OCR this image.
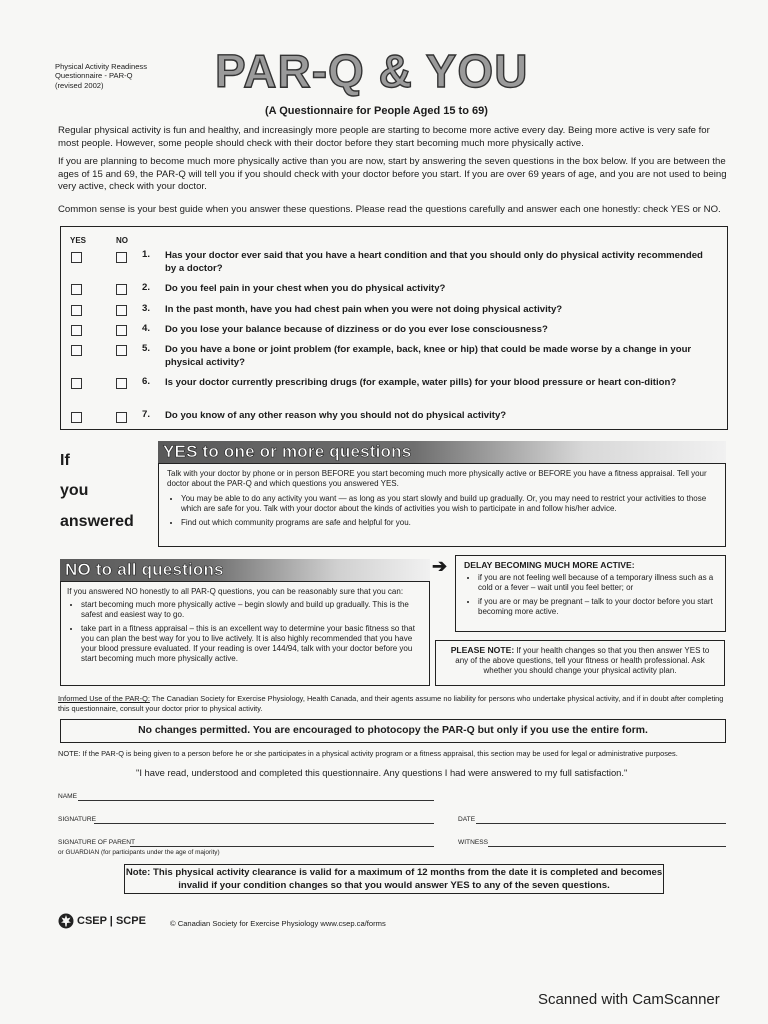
Physical Activity Readiness
Questionnaire - PAR-Q
(revised 2002)	PAR-Q & YOU
(A Questionnaire for People Aged 15 to 69)
Regular physical activity is fun and healthy, and increasingly more people are starting to become more active every day. Being more active is very safe for most people. However, some people should check with their doctor before they start becoming much more physically active.
If you are planning to become much more physically active than you are now, start by answering the seven questions in the box below. If you are between the ages of 15 and 69, the PAR-Q will tell you if you should check with your doctor before you start. If you are over 69 years of age, and you are not used to being very active, check with your doctor.
Common sense is your best guide when you answer these questions. Please read the questions carefully and answer each one honestly: check YES or NO.
YES	NO
1. Has your doctor ever said that you have a heart condition and that you should only do physical activity recommended by a doctor?
2. Do you feel pain in your chest when you do physical activity?
3. In the past month, have you had chest pain when you were not doing physical activity?
4. Do you lose your balance because of dizziness or do you ever lose consciousness?
5. Do you have a bone or joint problem (for example, back, knee or hip) that could be made worse by a change in your physical activity?
6. Is your doctor currently prescribing drugs (for example, water pills) for your blood pressure or heart con-dition?
7. Do you know of any other reason why you should not do physical activity?
If
you
answered
YES to one or more questions
Talk with your doctor by phone or in person BEFORE you start becoming much more physically active or BEFORE you have a fitness appraisal. Tell your doctor about the PAR-Q and which questions you answered YES.
• You may be able to do any activity you want — as long as you start slowly and build up gradually. Or, you may need to restrict your activities to those which are safe for you. Talk with your doctor about the kinds of activities you wish to participate in and follow his/her advice.
• Find out which community programs are safe and helpful for you.
NO to all questions
If you answered NO honestly to all PAR-Q questions, you can be reasonably sure that you can:
• start becoming much more physically active – begin slowly and build up gradually. This is the safest and easiest way to go.
• take part in a fitness appraisal – this is an excellent way to determine your basic fitness so that you can plan the best way for you to live actively. It is also highly recommended that you have your blood pressure evaluated. If your reading is over 144/94, talk with your doctor before you start becoming much more physically active.
➔	DELAY BECOMING MUCH MORE ACTIVE:
• if you are not feeling well because of a temporary illness such as a cold or a fever – wait until you feel better; or
• if you are or may be pregnant – talk to your doctor before you start becoming more active.
PLEASE NOTE: If your health changes so that you then answer YES to any of the above questions, tell your fitness or health professional. Ask whether you should change your physical activity plan.
Informed Use of the PAR-Q: The Canadian Society for Exercise Physiology, Health Canada, and their agents assume no liability for persons who undertake physical activity, and if in doubt after completing this questionnaire, consult your doctor prior to physical activity.
No changes permitted. You are encouraged to photocopy the PAR-Q but only if you use the entire form.
NOTE: If the PAR-Q is being given to a person before he or she participates in a physical activity program or a fitness appraisal, this section may be used for legal or administrative purposes.
"I have read, understood and completed this questionnaire. Any questions I had were answered to my full satisfaction."
NAME
SIGNATURE	DATE
SIGNATURE OF PARENT
or GUARDIAN (for participants under the age of majority)
WITNESS
Note: This physical activity clearance is valid for a maximum of 12 months from the date it is completed and becomes invalid if your condition changes so that you would answer YES to any of the seven questions.
CSEP | SCPE	© Canadian Society for Exercise Physiology www.csep.ca/forms
Scanned with CamScanner
